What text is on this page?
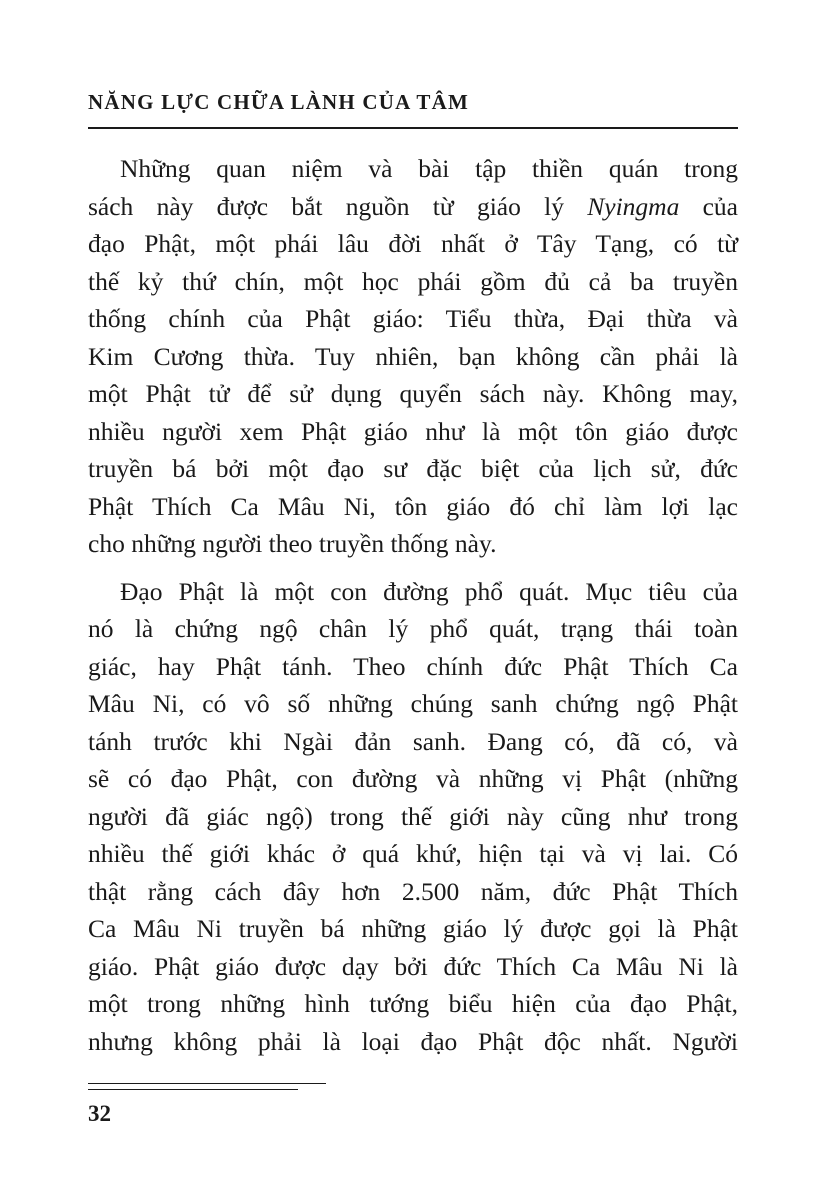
NĂNG LỰC CHỮA LÀNH CỦA TÂM

Những quan niệm và bài tập thiền quán trong
sách này được bắt nguồn từ giáo lý Nyingma của
đạo Phật, một phái lâu đời nhất ở Tây Tạng, có từ
thế kỷ thứ chín, một học phái gồm đủ cả ba truyền
thống chính của Phật giáo: Tiểu thừa, Đại thừa và
Kim Cương thừa. Tuy nhiên, bạn không cần phải là
một Phật tử để sử dụng quyển sách này. Không may,
nhiều người xem Phật giáo như là một tôn giáo được
truyền bá bởi một đạo sư đặc biệt của lịch sử, đức
Phật Thích Ca Mâu Ni, tôn giáo đó chỉ làm lợi lạc
cho những người theo truyền thống này.

Đạo Phật là một con đường phổ quát. Mục tiêu của
nó là chứng ngộ chân lý phổ quát, trạng thái toàn
giác, hay Phật tánh. Theo chính đức Phật Thích Ca
Mâu Ni, có vô số những chúng sanh chứng ngộ Phật
tánh trước khi Ngài đản sanh. Đang có, đã có, và
sẽ có đạo Phật, con đường và những vị Phật (những
người đã giác ngộ) trong thế giới này cũng như trong
nhiều thế giới khác ở quá khứ, hiện tại và vị lai. Có
thật rằng cách đây hơn 2.500 năm, đức Phật Thích
Ca Mâu Ni truyền bá những giáo lý được gọi là Phật
giáo. Phật giáo được dạy bởi đức Thích Ca Mâu Ni là
một trong những hình tướng biểu hiện của đạo Phật,
nhưng không phải là loại đạo Phật độc nhất. Người

32
